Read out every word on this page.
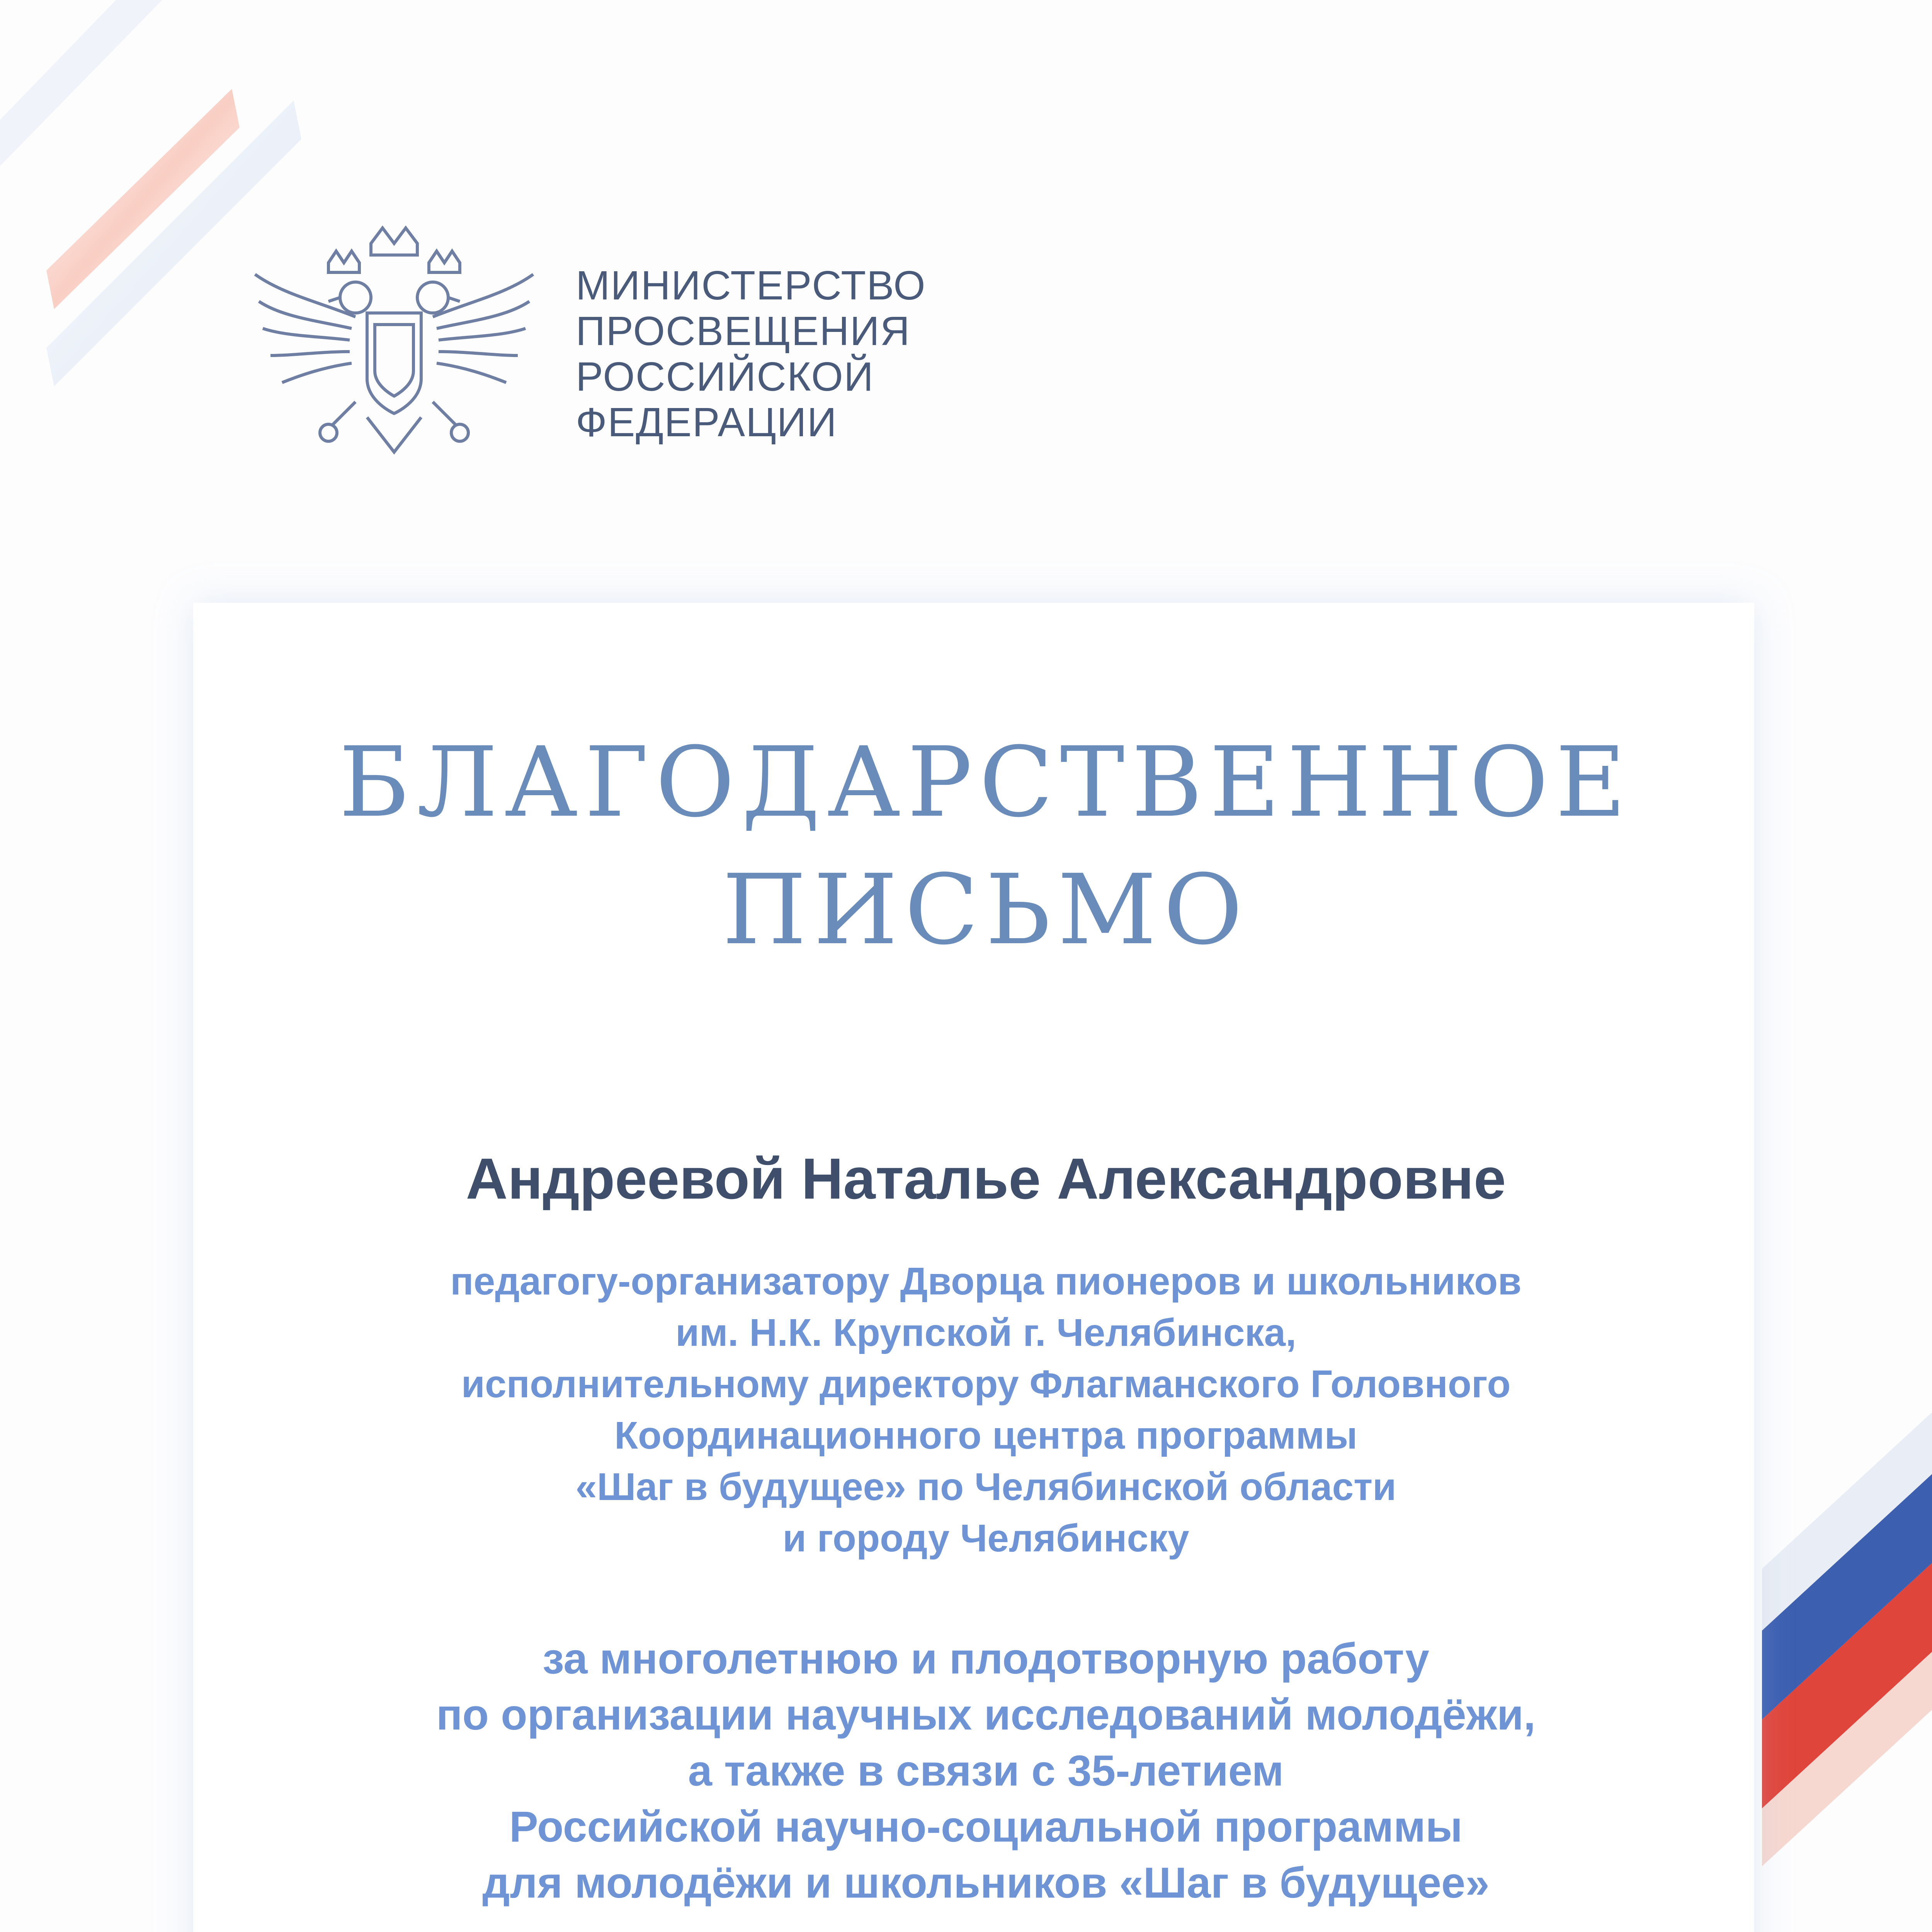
МИНИСТЕРСТВО
ПРОСВЕЩЕНИЯ
РОССИЙСКОЙ
ФЕДЕРАЦИИ
БЛАГОДАРСТВЕННОЕ
ПИСЬМО
Андреевой Наталье Александровне
педагогу-организатору Дворца пионеров и школьников
им. Н.К. Крупской г. Челябинска,
исполнительному директору Флагманского Головного
Координационного центра программы
«Шаг в будущее» по Челябинской области
и городу Челябинску
за многолетнюю и плодотворную работу
по организации научных исследований молодёжи,
а также в связи с 35-летием
Российской научно-социальной программы
для молодёжи и школьников «Шаг в будущее»
